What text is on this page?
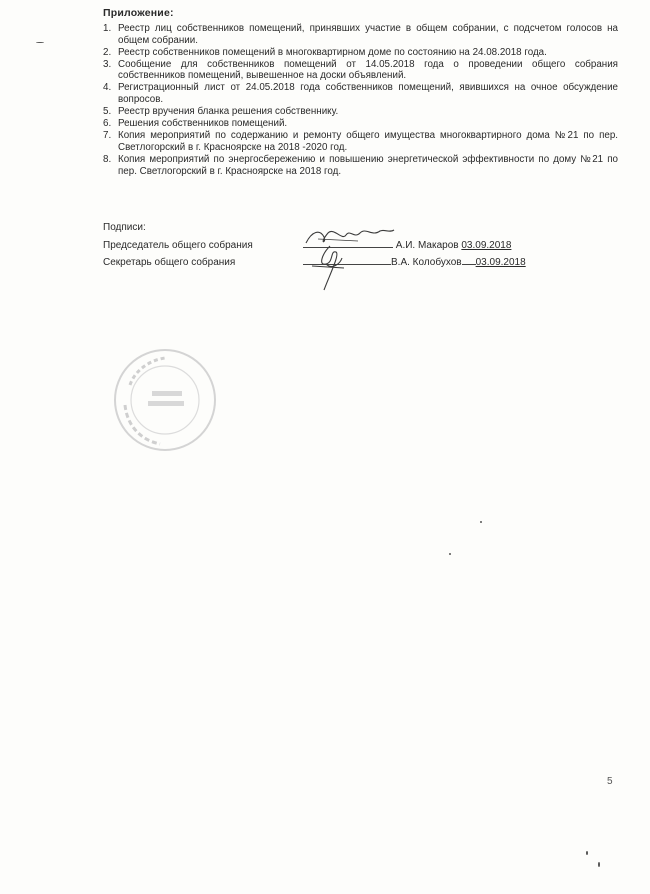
Приложение:
1. Реестр лиц собственников помещений, принявших участие в общем собрании, с подсчетом голосов на общем собрании.
2. Реестр собственников помещений в многоквартирном доме по состоянию на 24.08.2018 года.
3. Сообщение для собственников помещений от 14.05.2018 года о проведении общего собрания собственников помещений, вывешенное на доски объявлений.
4. Регистрационный лист от 24.05.2018 года собственников помещений, явившихся на очное обсуждение вопросов.
5. Реестр вручения бланка решения собственнику.
6. Решения собственников помещений.
7. Копия мероприятий по содержанию и ремонту общего имущества многоквартирного дома №21 по пер. Светлогорский в г. Красноярске на 2018 -2020 год.
8. Копия мероприятий по энергосбережению и повышению энергетической эффективности по дому №21 по пер. Светлогорский в г. Красноярске на 2018 год.
Подписи:
Председатель общего собрания	А.И. Макаров 03.09.2018
Секретарь общего собрания	В.А. Колобухов 03.09.2018
5
